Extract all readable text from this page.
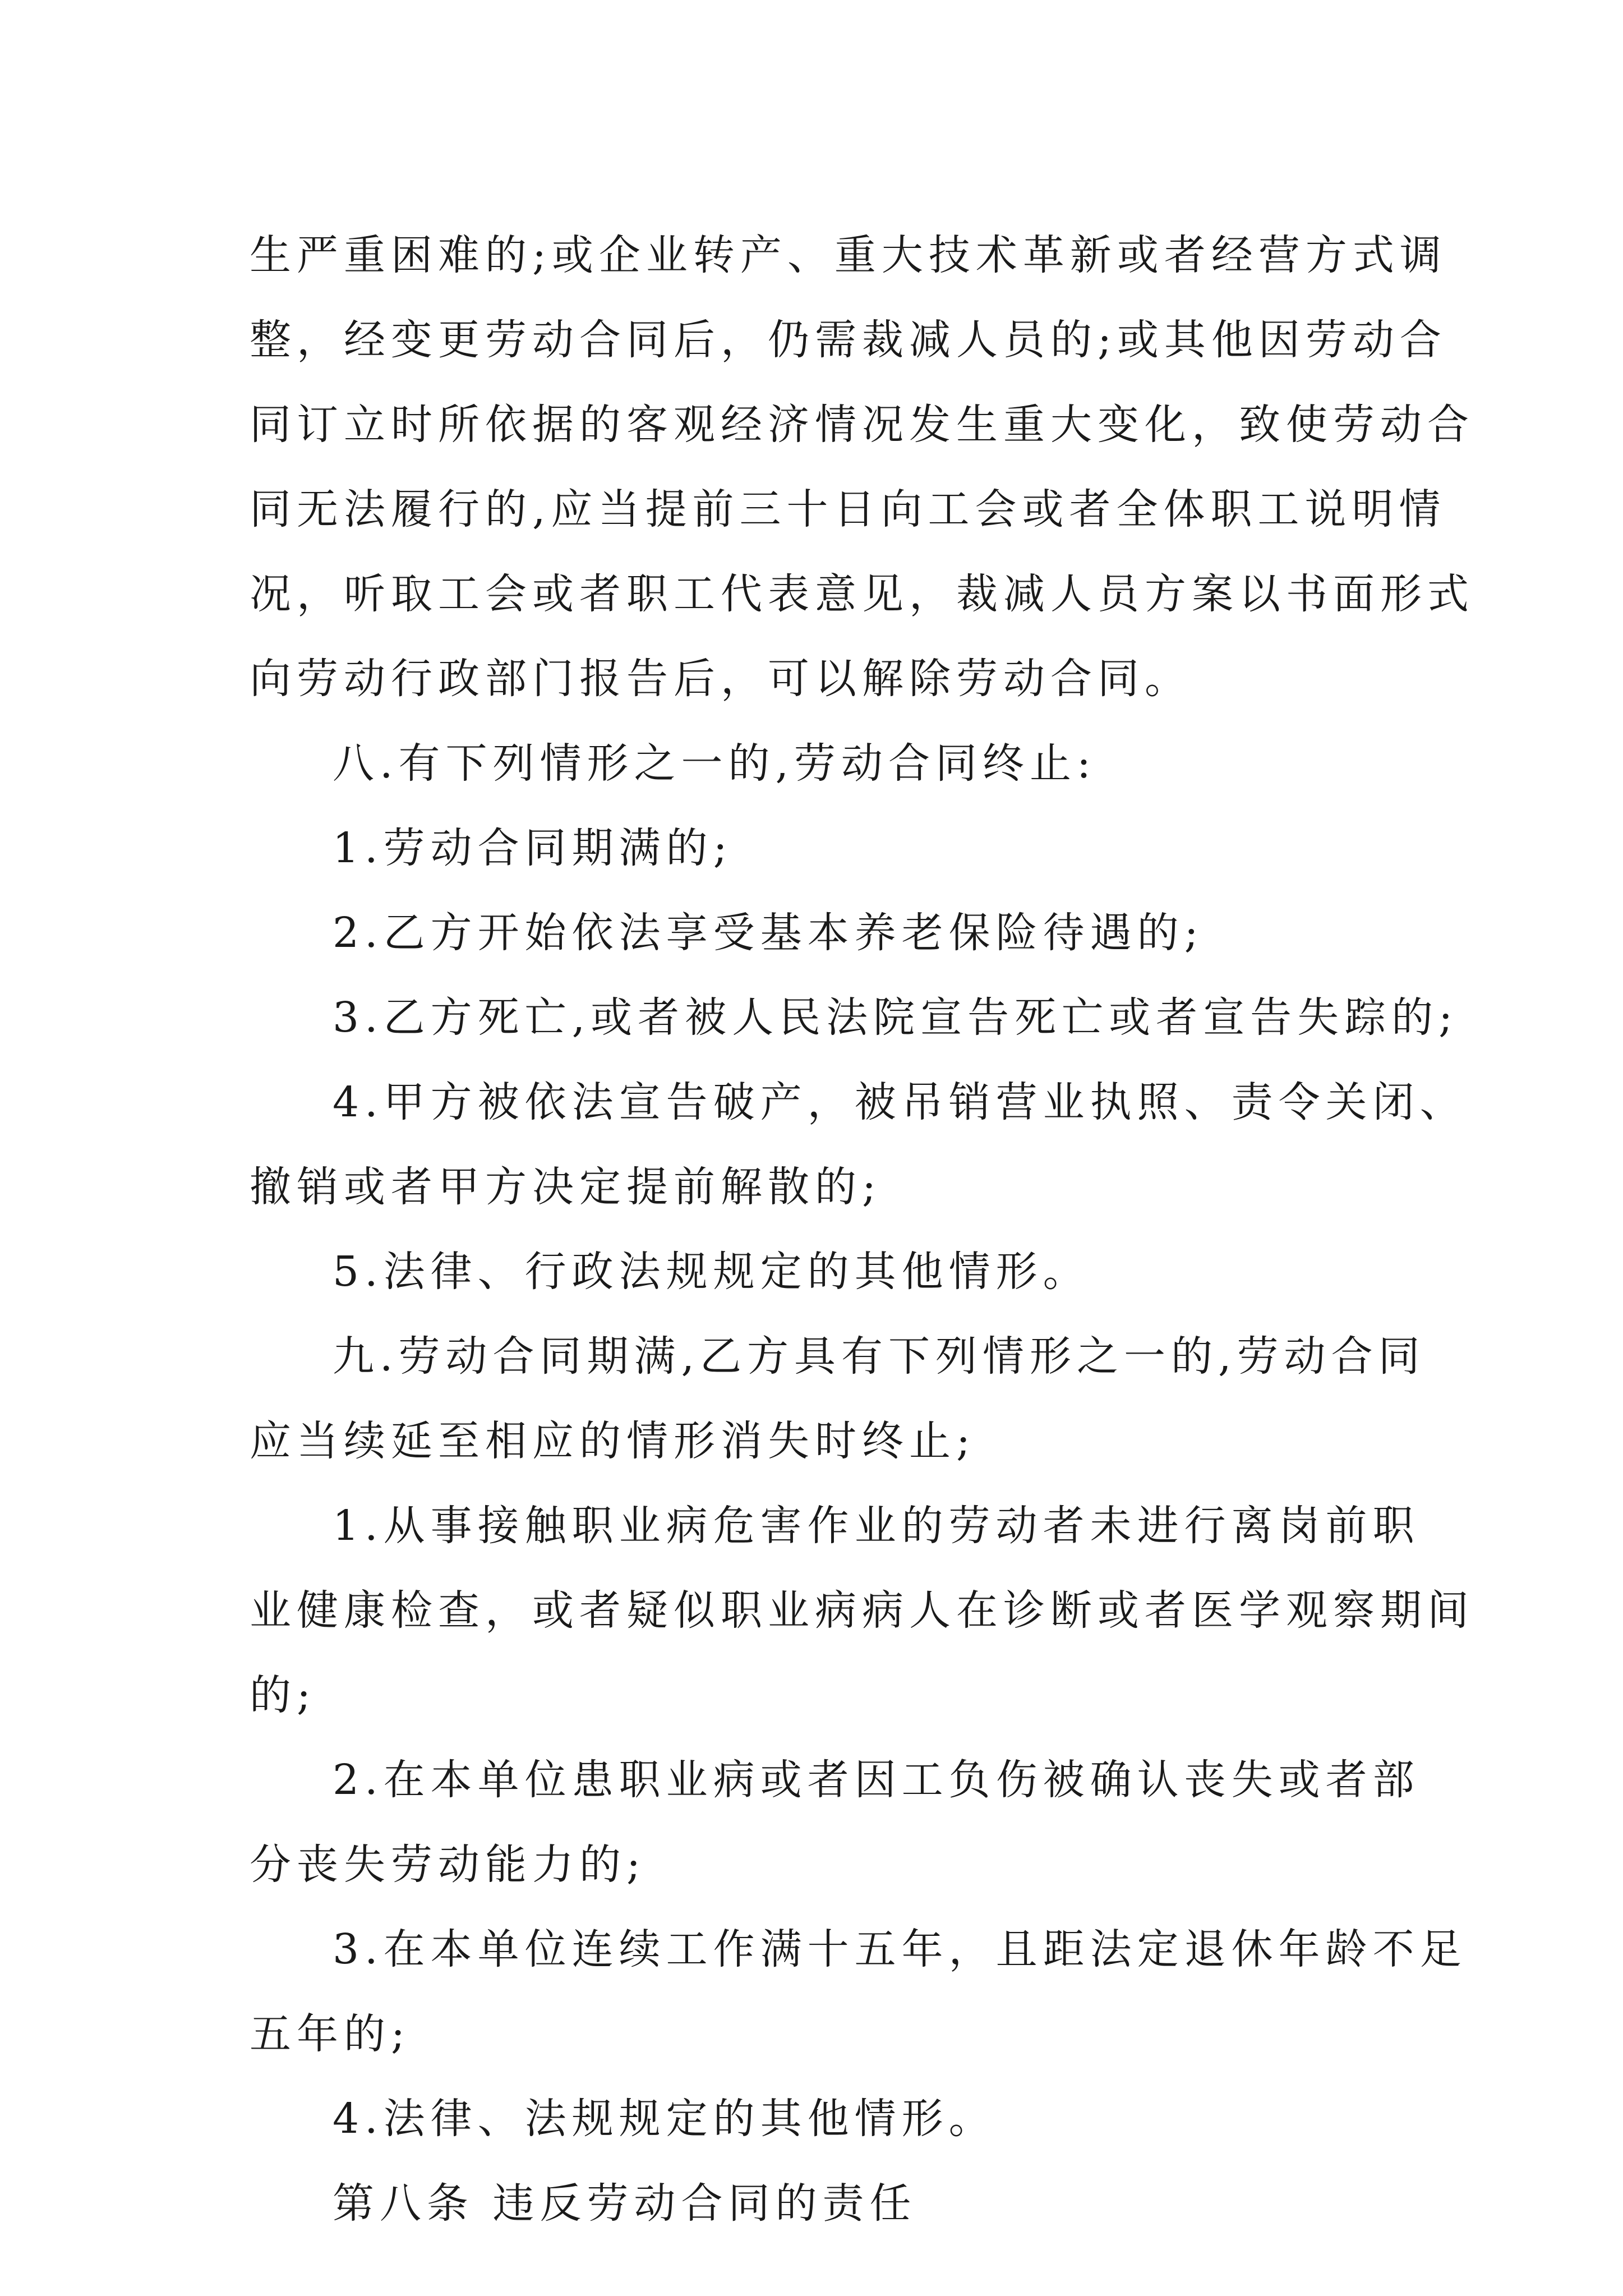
生严重困难的;或企业转产、重大技术革新或者经营方式调
整，经变更劳动合同后，仍需裁减人员的;或其他因劳动合
同订立时所依据的客观经济情况发生重大变化，致使劳动合
同无法履行的,应当提前三十日向工会或者全体职工说明情
况，听取工会或者职工代表意见，裁减人员方案以书面形式
向劳动行政部门报告后，可以解除劳动合同。
八.有下列情形之一的,劳动合同终止:
1.劳动合同期满的;
2.乙方开始依法享受基本养老保险待遇的;
3.乙方死亡,或者被人民法院宣告死亡或者宣告失踪的;
4.甲方被依法宣告破产，被吊销营业执照、责令关闭、
撤销或者甲方决定提前解散的;
5.法律、行政法规规定的其他情形。
九.劳动合同期满,乙方具有下列情形之一的,劳动合同
应当续延至相应的情形消失时终止;
1.从事接触职业病危害作业的劳动者未进行离岗前职
业健康检查，或者疑似职业病病人在诊断或者医学观察期间
的;
2.在本单位患职业病或者因工负伤被确认丧失或者部
分丧失劳动能力的;
3.在本单位连续工作满十五年，且距法定退休年龄不足
五年的;
4.法律、法规规定的其他情形。
第八条 违反劳动合同的责任
